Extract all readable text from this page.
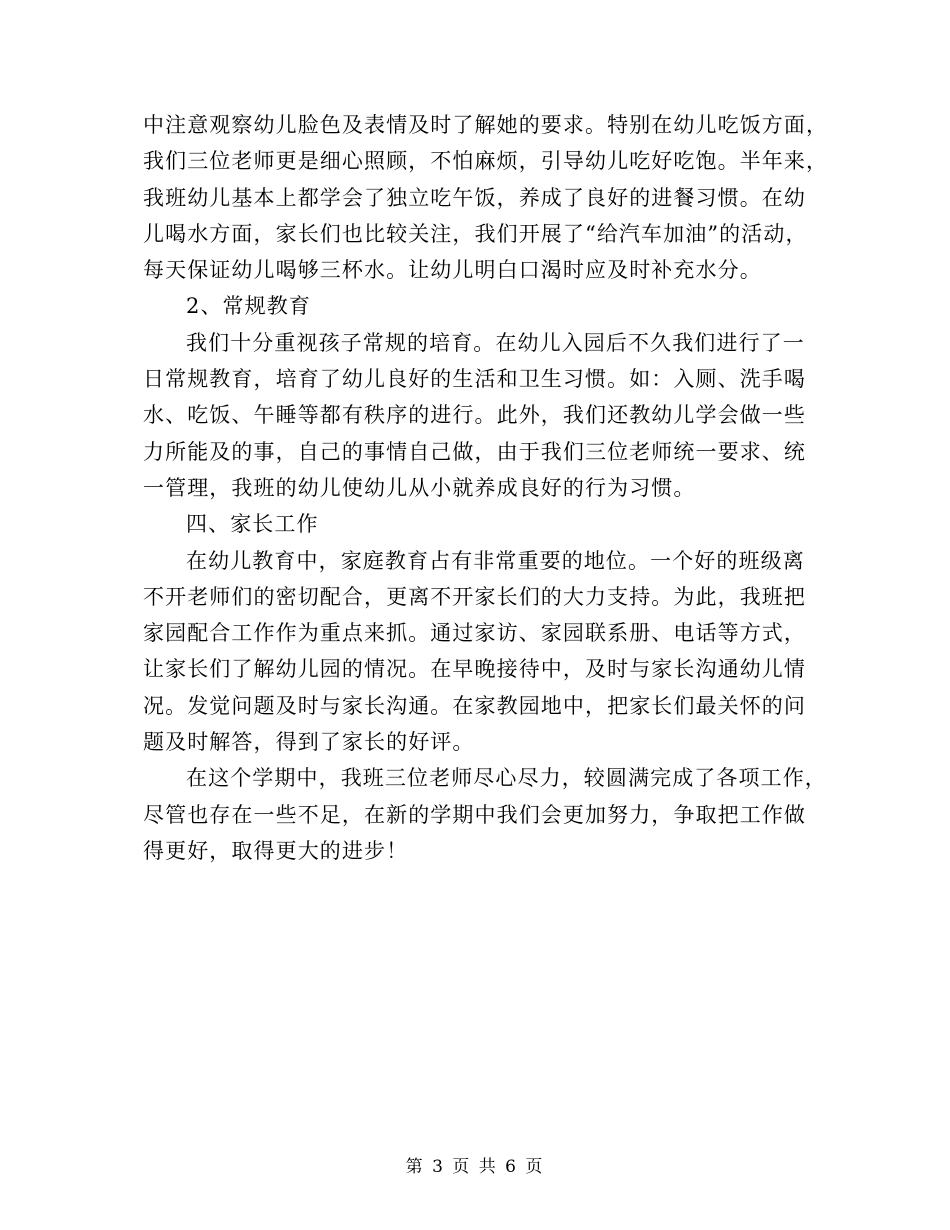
中注意观察幼儿脸色及表情及时了解她的要求。特别在幼儿吃饭方面，
我们三位老师更是细心照顾，不怕麻烦，引导幼儿吃好吃饱。半年来，
我班幼儿基本上都学会了独立吃午饭，养成了良好的进餐习惯。在幼
儿喝水方面，家长们也比较关注，我们开展了“给汽车加油”的活动，
每天保证幼儿喝够三杯水。让幼儿明白口渴时应及时补充水分。
2、常规教育
我们十分重视孩子常规的培育。在幼儿入园后不久我们进行了一
日常规教育，培育了幼儿良好的生活和卫生习惯。如：入厕、洗手喝
水、吃饭、午睡等都有秩序的进行。此外，我们还教幼儿学会做一些
力所能及的事，自己的事情自己做，由于我们三位老师统一要求、统
一管理，我班的幼儿使幼儿从小就养成良好的行为习惯。
四、家长工作
在幼儿教育中，家庭教育占有非常重要的地位。一个好的班级离
不开老师们的密切配合，更离不开家长们的大力支持。为此，我班把
家园配合工作作为重点来抓。通过家访、家园联系册、电话等方式，
让家长们了解幼儿园的情况。在早晚接待中，及时与家长沟通幼儿情
况。发觉问题及时与家长沟通。在家教园地中，把家长们最关怀的问
题及时解答，得到了家长的好评。
在这个学期中，我班三位老师尽心尽力，较圆满完成了各项工作，
尽管也存在一些不足，在新的学期中我们会更加努力，争取把工作做
得更好，取得更大的进步！
第 3 页 共 6 页
